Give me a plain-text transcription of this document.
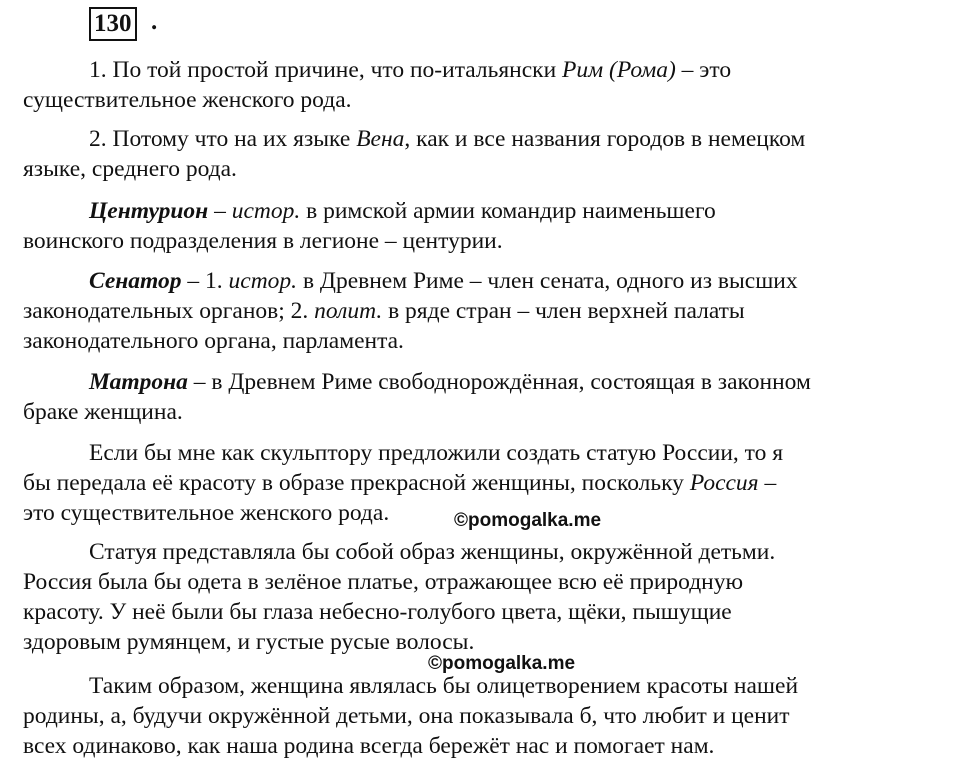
130 .
1. По той простой причине, что по-итальянски Рим (Рома) – это
существительное женского рода.
2. Потому что на их языке Вена, как и все названия городов в немецком
языке, среднего рода.
Центурион – истор. в римской армии командир наименьшего
воинского подразделения в легионе – центурии.
Сенатор – 1. истор. в Древнем Риме – член сената, одного из высших
законодательных органов; 2. полит. в ряде стран – член верхней палаты
законодательного органа, парламента.
Матрона – в Древнем Риме свободнорождённая, состоящая в законном
браке женщина.
Если бы мне как скульптору предложили создать статую России, то я
бы передала её красоту в образе прекрасной женщины, поскольку Россия –
это существительное женского рода.	©pomogalka.me
Статуя представляла бы собой образ женщины, окружённой детьми.
Россия была бы одета в зелёное платье, отражающее всю её природную
красоту. У неё были бы глаза небесно-голубого цвета, щёки, пышущие
здоровым румянцем, и густые русые волосы.
©pomogalka.me
Таким образом, женщина являлась бы олицетворением красоты нашей
родины, а, будучи окружённой детьми, она показывала б, что любит и ценит
всех одинаково, как наша родина всегда бережёт нас и помогает нам.
